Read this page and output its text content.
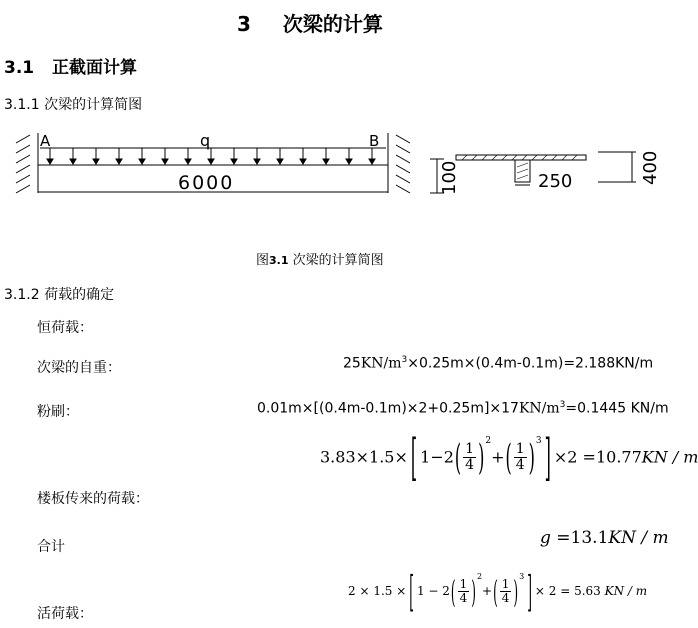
3 次梁的计算
3.1 正截面计算
3.1.1 次梁的计算简图
A	B
q
6000	100	250	400
图3.1 次梁的计算简图
3.1.2 荷载的确定
恒荷载：
次梁的自重：	$25KN/m^3\times 0.25m\times(0.4m-0.1m)=2.188KN/m$
粉刷：	$0.01m\times[(0.4m-0.1m)\times 2+0.25m]\times 17KN/m^3=0.1445$ KN/m
3.83×1.5× [ $1-2( \frac{1}{4} )2+( \frac{1}{4} )3$ ] ×2 =10.77KN / m
楼板传来的荷载：
g =13.1KN / m
合计
2 × 1.5 × [ $1 - 2( \frac{1}{4} )2+( \frac{1}{4} )3$ ] × 2 = 5.63 KN / m
活荷载：
